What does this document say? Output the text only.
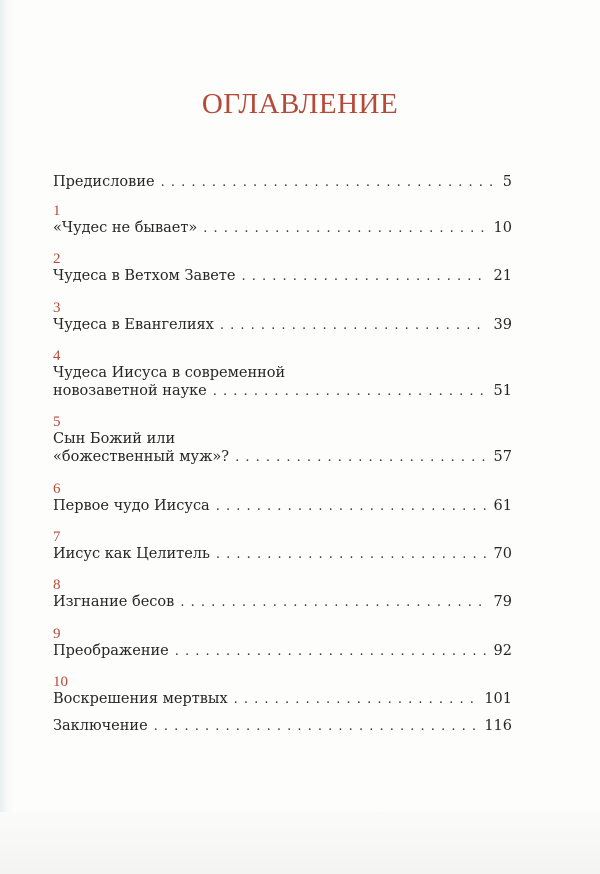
ОГЛАВЛЕНИЕ
Предисловие . . .	5
1
«Чудес не бывает» . . .	10
2
Чудеса в Ветхом Завете . . .	21
3
Чудеса в Евангелиях . . .	39
4
Чудеса Иисуса в современной
новозаветной науке . . .	51
5
Сын Божий или
«божественный муж»? . . .	57
6
Первое чудо Иисуса . . .	61
7
Иисус как Целитель . . .	70
8
Изгнание бесов . . .	79
9
Преображение . . .	92
10
Воскрешения мертвых . . .	101
Заключение . . .	116
